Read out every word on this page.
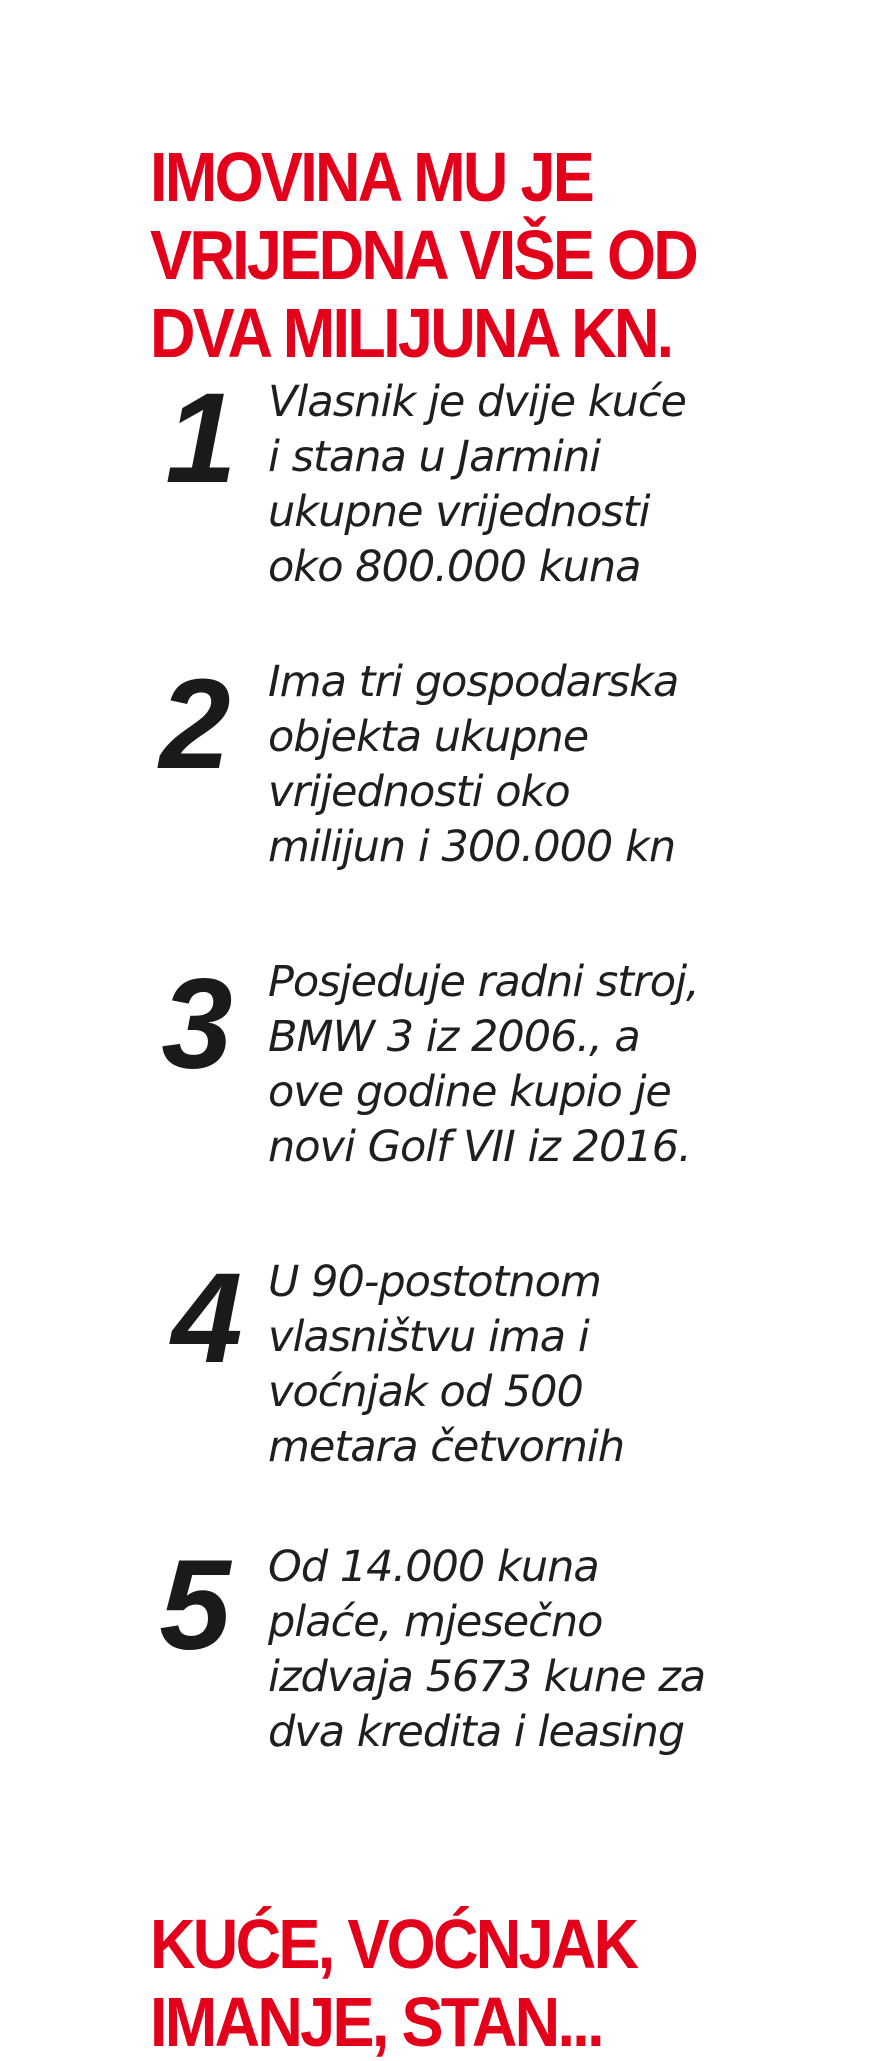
IMOVINA MU JE
VRIJEDNA VIŠE OD
DVA MILIJUNA KN.
1 Vlasnik je dvije kuće
i stana u Jarmini
ukupne vrijednosti
oko 800.000 kuna
2	Ima tri gospodarska
objekta ukupne
vrijednosti oko
milijun i 300.000 kn
3 Posjeduje radni stroj,
BMW 3 iz 2006., a
ove godine kupio je
novi Golf VII iz 2016.
4 U 90-postotnom
vlasništvu ima i
voćnjak od 500
metara četvornih
5	Od 14.000 kuna
plaće, mjesečno
izdvaja 5673 kune za
dva kredita i leasing
KUĆE, VOĆNJAK
IMANJE, STAN...
